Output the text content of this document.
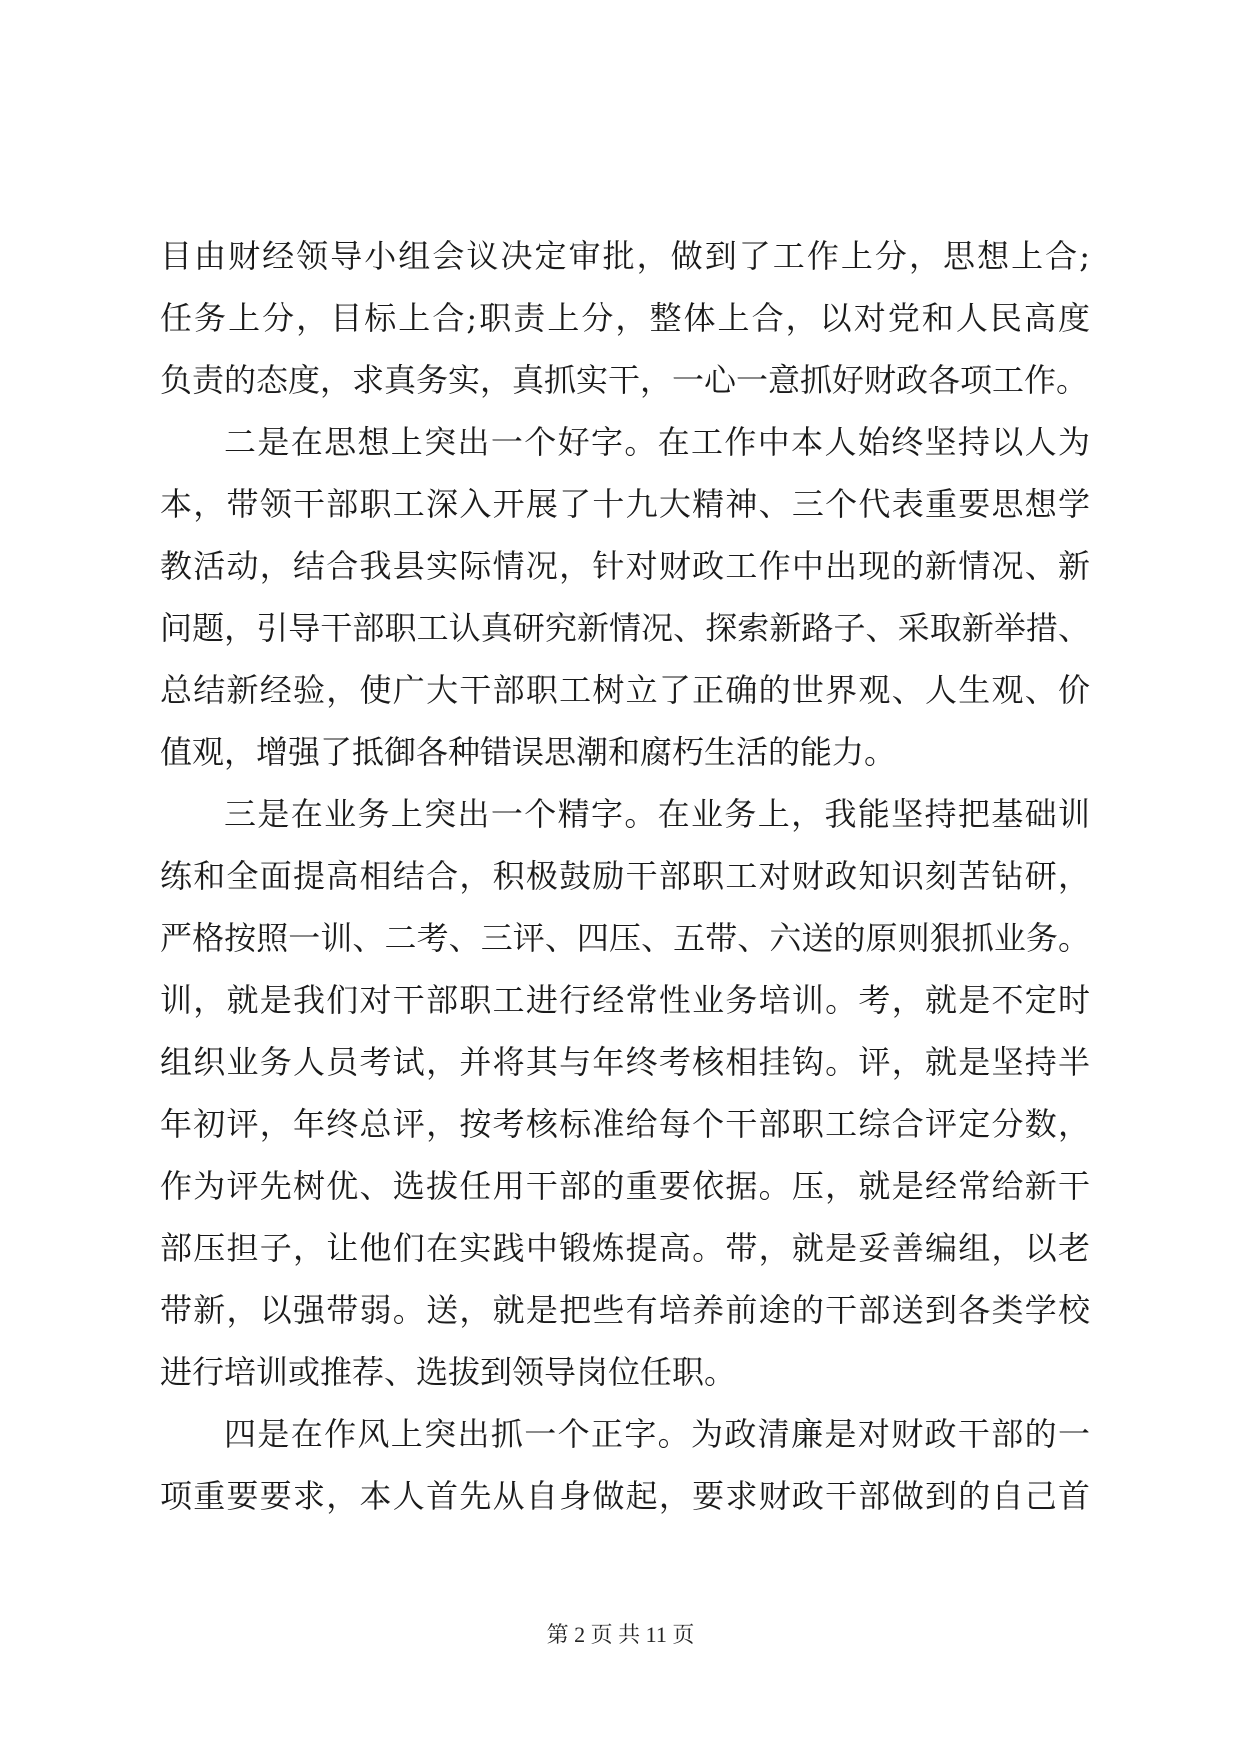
目由财经领导小组会议决定审批，做到了工作上分，思想上合;
任务上分，目标上合;职责上分，整体上合，以对党和人民高度
负责的态度，求真务实，真抓实干，一心一意抓好财政各项工作。
二是在思想上突出一个好字。在工作中本人始终坚持以人为
本，带领干部职工深入开展了十九大精神、三个代表重要思想学
教活动，结合我县实际情况，针对财政工作中出现的新情况、新
问题，引导干部职工认真研究新情况、探索新路子、采取新举措、
总结新经验，使广大干部职工树立了正确的世界观、人生观、价
值观，增强了抵御各种错误思潮和腐朽生活的能力。
三是在业务上突出一个精字。在业务上，我能坚持把基础训
练和全面提高相结合，积极鼓励干部职工对财政知识刻苦钻研，
严格按照一训、二考、三评、四压、五带、六送的原则狠抓业务。
训，就是我们对干部职工进行经常性业务培训。考，就是不定时
组织业务人员考试，并将其与年终考核相挂钩。评，就是坚持半
年初评，年终总评，按考核标准给每个干部职工综合评定分数，
作为评先树优、选拔任用干部的重要依据。压，就是经常给新干
部压担子，让他们在实践中锻炼提高。带，就是妥善编组，以老
带新，以强带弱。送，就是把些有培养前途的干部送到各类学校
进行培训或推荐、选拔到领导岗位任职。
四是在作风上突出抓一个正字。为政清廉是对财政干部的一
项重要要求，本人首先从自身做起，要求财政干部做到的自己首
第 2 页 共 11 页
